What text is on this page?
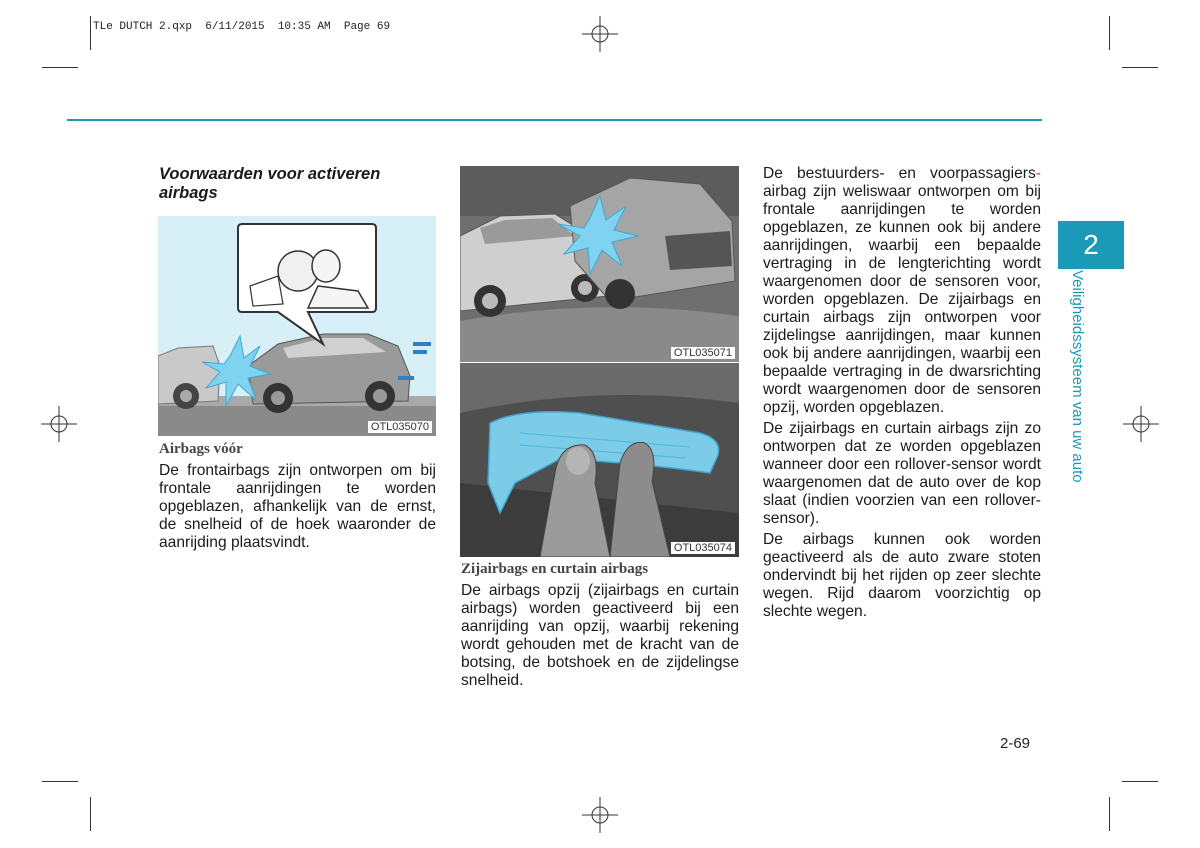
TLe DUTCH 2.qxp  6/11/2015  10:35 AM  Page 69

Voorwaarden voor activeren airbags

OTL035070

Airbags vóór

De frontairbags zijn ontworpen om bij frontale aanrijdingen te worden opgeblazen, afhankelijk van de ernst, de snelheid of de hoek waaronder de aanrijding plaatsvindt.

OTL035071
OTL035074

Zijairbags en curtain airbags

De airbags opzij (zijairbags en curtain airbags) worden geactiveerd bij een aanrijding van opzij, waarbij rekening wordt gehouden met de kracht van de botsing, de botshoek en de zijdelingse snelheid.

De bestuurders- en voorpassagiers- airbag zijn weliswaar ontworpen om bij frontale aanrijdingen te worden opgeblazen, ze kunnen ook bij andere aanrijdingen, waarbij een bepaalde vertraging in de lengterichting wordt waargenomen door de sensoren voor, worden opgeblazen. De zijairbags en curtain airbags zijn ontworpen voor zijdelingse aanrijdingen, maar kunnen ook bij andere aanrijdingen, waarbij een bepaalde vertraging in de dwarsrichting wordt waargenomen door de sensoren opzij, worden opgeblazen.

De zijairbags en curtain airbags zijn zo ontworpen dat ze worden opgeblazen wanneer door een rollover-sensor wordt waargenomen dat de auto over de kop slaat (indien voorzien van een rollover-sensor).

De airbags kunnen ook worden geactiveerd als de auto zware stoten ondervindt bij het rijden op zeer slechte wegen. Rijd daarom voorzichtig op slechte wegen.

2
Veiligheidssysteem van uw auto
2-69
